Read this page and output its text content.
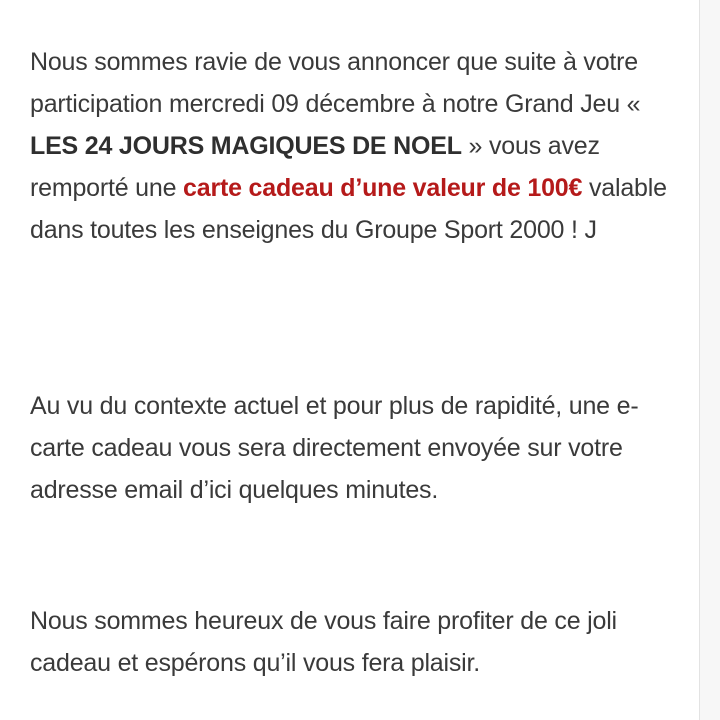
Nous sommes ravie de vous annoncer que suite à votre participation mercredi 09 décembre à notre Grand Jeu « LES 24 JOURS MAGIQUES DE NOEL » vous avez remporté une carte cadeau d’une valeur de 100€ valable dans toutes les enseignes du Groupe Sport 2000 ! J

Au vu du contexte actuel et pour plus de rapidité, une e-carte cadeau vous sera directement envoyée sur votre adresse email d’ici quelques minutes.

Nous sommes heureux de vous faire profiter de ce joli cadeau et espérons qu’il vous fera plaisir.
